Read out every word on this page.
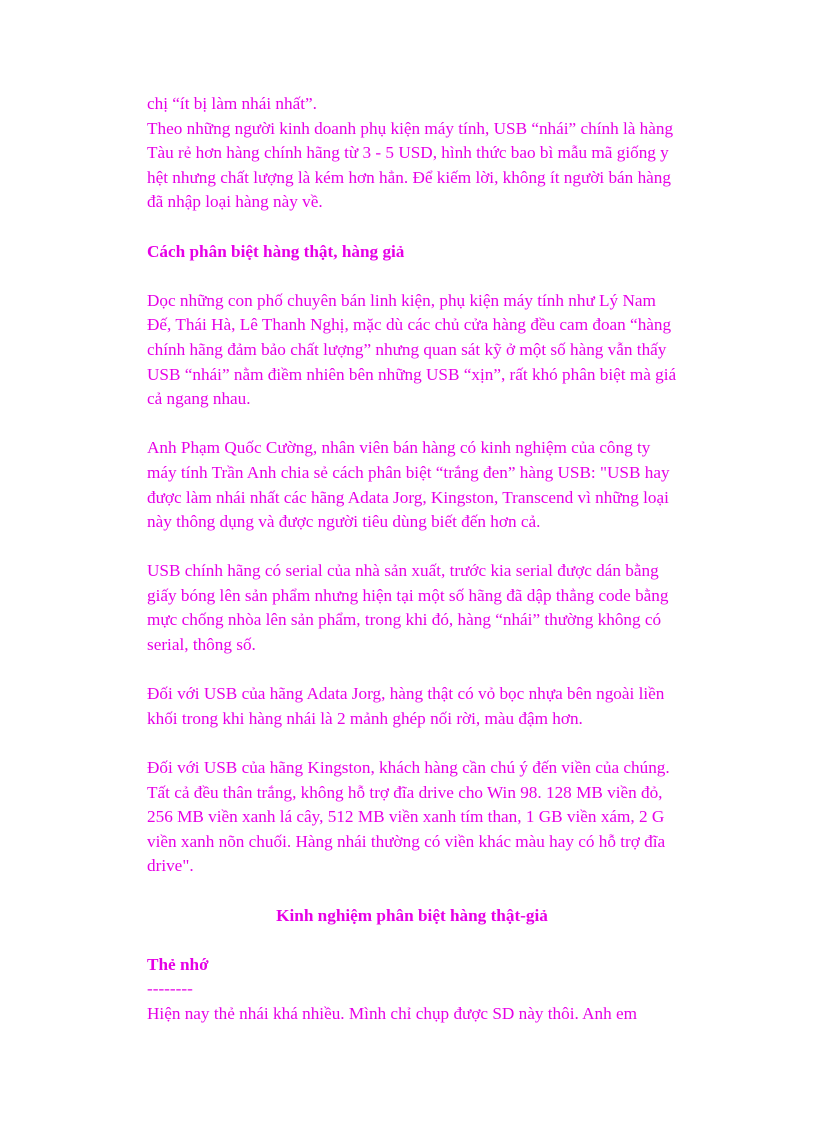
chị “ít bị làm nhái nhất”.

Theo những người kinh doanh phụ kiện máy tính, USB “nhái” chính là hàng Tàu rẻ hơn hàng chính hãng từ 3 - 5 USD, hình thức bao bì mẫu mã giống y hệt nhưng chất lượng là kém hơn hẳn. Để kiếm lời, không ít người bán hàng đã nhập loại hàng này về.

Cách phân biệt hàng thật, hàng giả

Dọc những con phố chuyên bán linh kiện, phụ kiện máy tính như Lý Nam Đế, Thái Hà, Lê Thanh Nghị, mặc dù các chủ cửa hàng đều cam đoan “hàng chính hãng đảm bảo chất lượng” nhưng quan sát kỹ ở một số hàng vẫn thấy USB “nhái” nằm điềm nhiên bên những USB “xịn”, rất khó phân biệt mà giá cả ngang nhau.

Anh Phạm Quốc Cường, nhân viên bán hàng có kinh nghiệm của công ty máy tính Trần Anh chia sẻ cách phân biệt “trắng đen” hàng USB: "USB hay được làm nhái nhất các hãng Adata Jorg, Kingston, Transcend vì những loại này thông dụng và được người tiêu dùng biết đến hơn cả.

USB chính hãng có serial của nhà sản xuất, trước kia serial được dán bằng giấy bóng lên sản phẩm nhưng hiện tại một số hãng đã dập thẳng code bằng mực chống nhòa lên sản phẩm, trong khi đó, hàng “nhái” thường không có serial, thông số.

Đối với USB của hãng Adata Jorg, hàng thật có vỏ bọc nhựa bên ngoài liền khối trong khi hàng nhái là 2 mảnh ghép nối rời, màu đậm hơn.

Đối với USB của hãng Kingston, khách hàng cần chú ý đến viền của chúng. Tất cả đều thân trắng, không hỗ trợ đĩa drive cho Win 98. 128 MB viền đỏ, 256 MB viền xanh lá cây, 512 MB viền xanh tím than, 1 GB viền xám, 2 G viền xanh nõn chuối. Hàng nhái thường có viền khác màu hay có hỗ trợ đĩa drive".

Kinh nghiệm phân biệt hàng thật-giả

Thẻ nhớ

--------

Hiện nay thẻ nhái khá nhiều. Mình chỉ chụp được SD này thôi. Anh em
